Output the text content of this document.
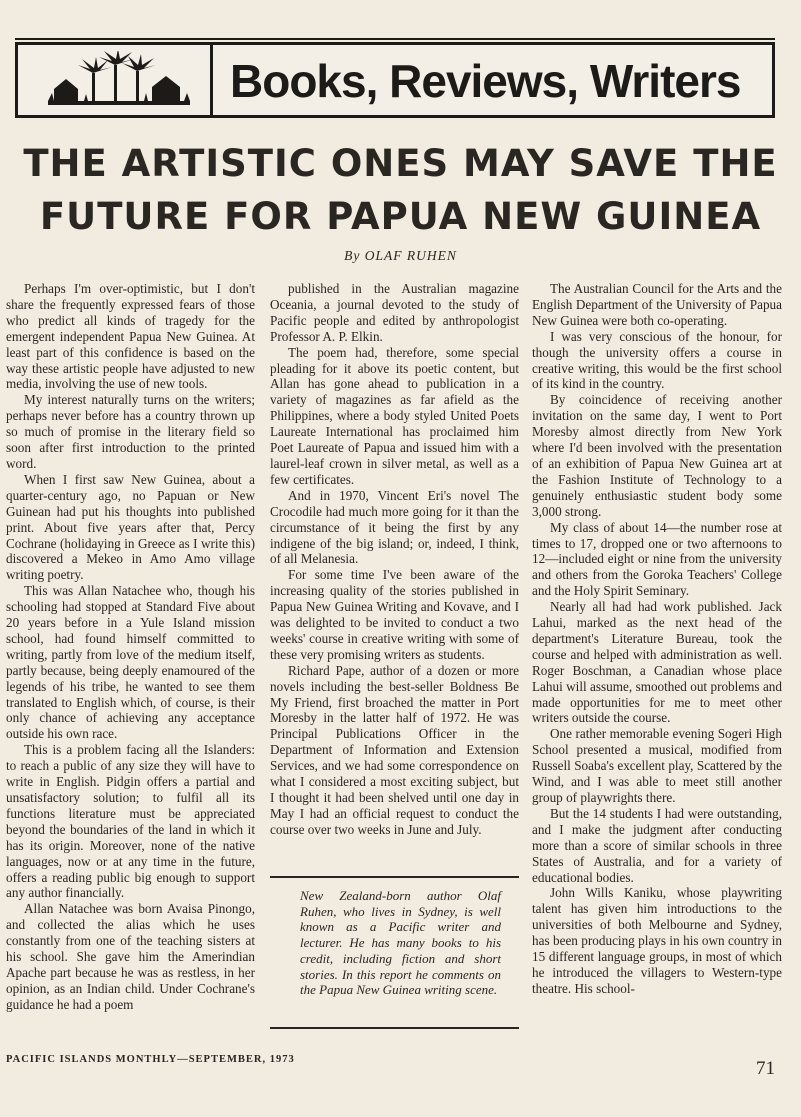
Books, Reviews, Writers
THE ARTISTIC ONES MAY SAVE THE
FUTURE FOR PAPUA NEW GUINEA
By OLAF RUHEN

Perhaps I'm over-optimistic, but I don't share the frequently expressed fears of those who predict all kinds of tragedy for the emergent independent Papua New Guinea. At least part of this confidence is based on the way these artistic people have adjusted to new media, involving the use of new tools.

My interest naturally turns on the writers; perhaps never before has a country thrown up so much of promise in the literary field so soon after first introduction to the printed word.

When I first saw New Guinea, about a quarter-century ago, no Papuan or New Guinean had put his thoughts into published print. About five years after that, Percy Cochrane (holidaying in Greece as I write this) discovered a Mekeo in Amo Amo village writing poetry.

This was Allan Natachee who, though his schooling had stopped at Standard Five about 20 years before in a Yule Island mission school, had found himself committed to writing, partly from love of the medium itself, partly because, being deeply enamoured of the legends of his tribe, he wanted to see them translated to English which, of course, is their only chance of achieving any acceptance outside his own race.

This is a problem facing all the Islanders: to reach a public of any size they will have to write in English. Pidgin offers a partial and unsatisfactory solution; to fulfil all its functions literature must be appreciated beyond the boundaries of the land in which it has its origin. Moreover, none of the native languages, now or at any time in the future, offers a reading public big enough to support any author financially.

Allan Natachee was born Avaisa Pinongo, and collected the alias which he uses constantly from one of the teaching sisters at his school. She gave him the Amerindian Apache part because he was as restless, in her opinion, as an Indian child. Under Cochrane's guidance he had a poem

published in the Australian magazine Oceania, a journal devoted to the study of Pacific people and edited by anthropologist Professor A. P. Elkin.

The poem had, therefore, some special pleading for it above its poetic content, but Allan has gone ahead to publication in a variety of magazines as far afield as the Philippines, where a body styled United Poets Laureate International has proclaimed him Poet Laureate of Papua and issued him with a laurel-leaf crown in silver metal, as well as a few certificates.

And in 1970, Vincent Eri's novel The Crocodile had much more going for it than the circumstance of it being the first by any indigene of the big island; or, indeed, I think, of all Melanesia.

For some time I've been aware of the increasing quality of the stories published in Papua New Guinea Writing and Kovave, and I was delighted to be invited to conduct a two weeks' course in creative writing with some of these very promising writers as students.

Richard Pape, author of a dozen or more novels including the best-seller Boldness Be My Friend, first broached the matter in Port Moresby in the latter half of 1972. He was Principal Publications Officer in the Department of Information and Extension Services, and we had some correspondence on what I considered a most exciting subject, but I thought it had been shelved until one day in May I had an official request to conduct the course over two weeks in June and July.

New Zealand-born author Olaf Ruhen, who lives in Sydney, is well known as a Pacific writer and lecturer. He has many books to his credit, including fiction and short stories. In this report he comments on the Papua New Guinea writing scene.

The Australian Council for the Arts and the English Department of the University of Papua New Guinea were both co-operating.

I was very conscious of the honour, for though the university offers a course in creative writing, this would be the first school of its kind in the country.

By coincidence of receiving another invitation on the same day, I went to Port Moresby almost directly from New York where I'd been involved with the presentation of an exhibition of Papua New Guinea art at the Fashion Institute of Technology to a genuinely enthusiastic student body some 3,000 strong.

My class of about 14—the number rose at times to 17, dropped one or two afternoons to 12—included eight or nine from the university and others from the Goroka Teachers' College and the Holy Spirit Seminary.

Nearly all had had work published. Jack Lahui, marked as the next head of the department's Literature Bureau, took the course and helped with administration as well. Roger Boschman, a Canadian whose place Lahui will assume, smoothed out problems and made opportunities for me to meet other writers outside the course.

One rather memorable evening Sogeri High School presented a musical, modified from Russell Soaba's excellent play, Scattered by the Wind, and I was able to meet still another group of playwrights there.

But the 14 students I had were outstanding, and I make the judgment after conducting more than a score of similar schools in three States of Australia, and for a variety of educational bodies.

John Wills Kaniku, whose playwriting talent has given him introductions to the universities of both Melbourne and Sydney, has been producing plays in his own country in 15 different language groups, in most of which he introduced the villagers to Western-type theatre. His school-

PACIFIC ISLANDS MONTHLY—SEPTEMBER, 1973	71
